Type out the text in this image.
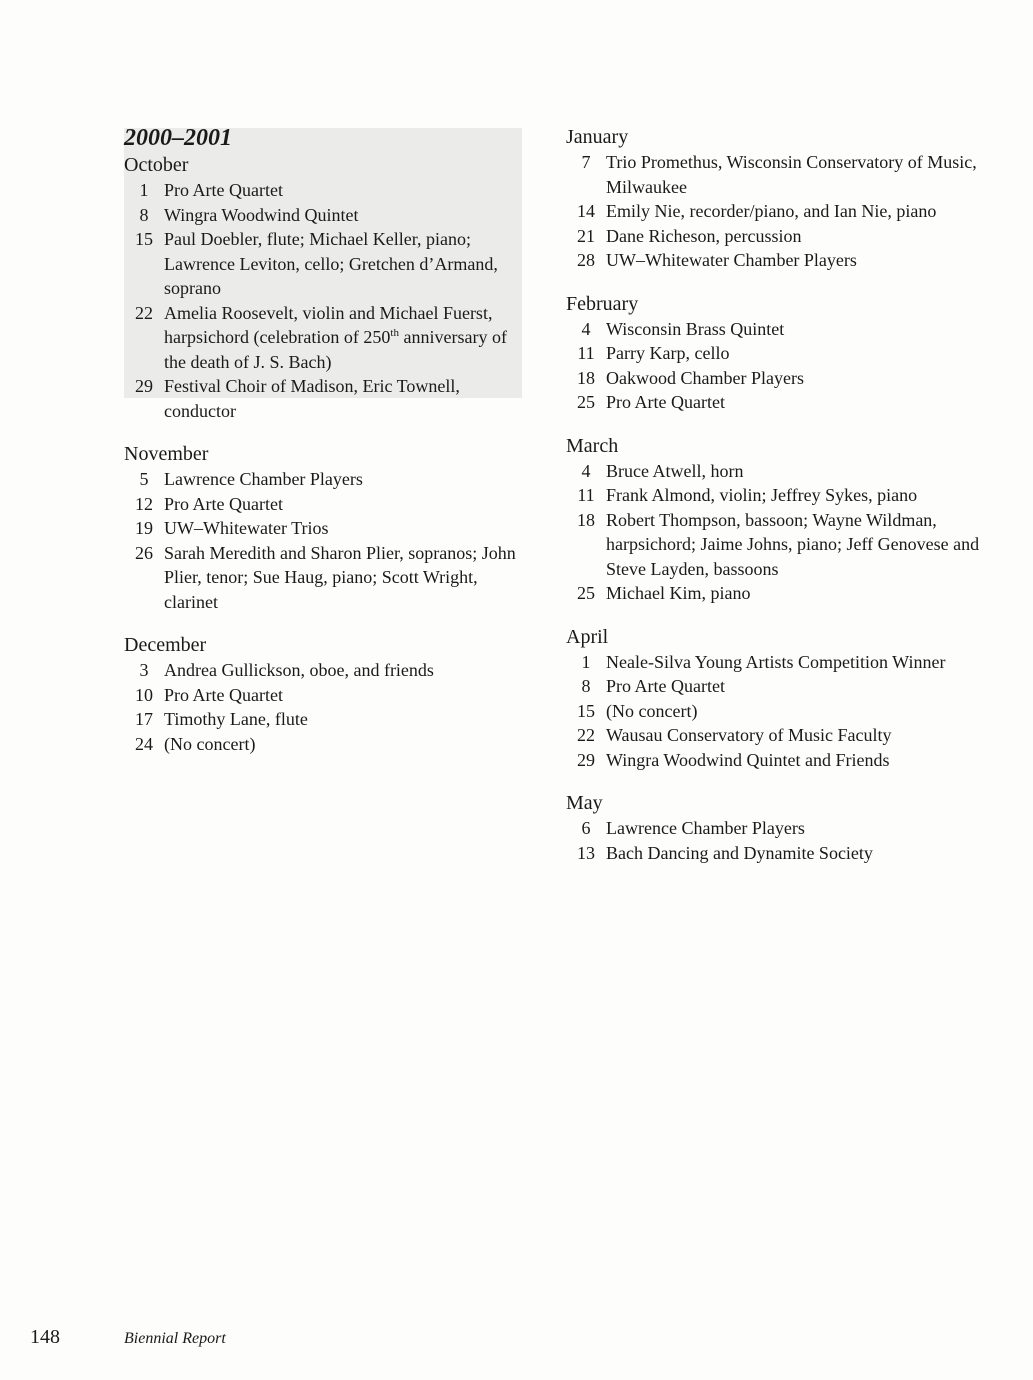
2000–2001
October
1 Pro Arte Quartet
8 Wingra Woodwind Quintet
15 Paul Doebler, flute; Michael Keller, piano; Lawrence Leviton, cello; Gretchen d’Armand, soprano
22 Amelia Roosevelt, violin and Michael Fuerst, harpsichord (celebration of 250th anniversary of the death of J. S. Bach)
29 Festival Choir of Madison, Eric Townell, conductor
November
5 Lawrence Chamber Players
12 Pro Arte Quartet
19 UW–Whitewater Trios
26 Sarah Meredith and Sharon Plier, sopranos; John Plier, tenor; Sue Haug, piano; Scott Wright, clarinet
December
3 Andrea Gullickson, oboe, and friends
10 Pro Arte Quartet
17 Timothy Lane, flute
24 (No concert)
January
7 Trio Promethus, Wisconsin Conservatory of Music, Milwaukee
14 Emily Nie, recorder/piano, and Ian Nie, piano
21 Dane Richeson, percussion
28 UW–Whitewater Chamber Players
February
4 Wisconsin Brass Quintet
11 Parry Karp, cello
18 Oakwood Chamber Players
25 Pro Arte Quartet
March
4 Bruce Atwell, horn
11 Frank Almond, violin; Jeffrey Sykes, piano
18 Robert Thompson, bassoon; Wayne Wildman, harpsichord; Jaime Johns, piano; Jeff Genovese and Steve Layden, bassoons
25 Michael Kim, piano
April
1 Neale-Silva Young Artists Competition Winner
8 Pro Arte Quartet
15 (No concert)
22 Wausau Conservatory of Music Faculty
29 Wingra Woodwind Quintet and Friends
May
6 Lawrence Chamber Players
13 Bach Dancing and Dynamite Society
148	Biennial Report
